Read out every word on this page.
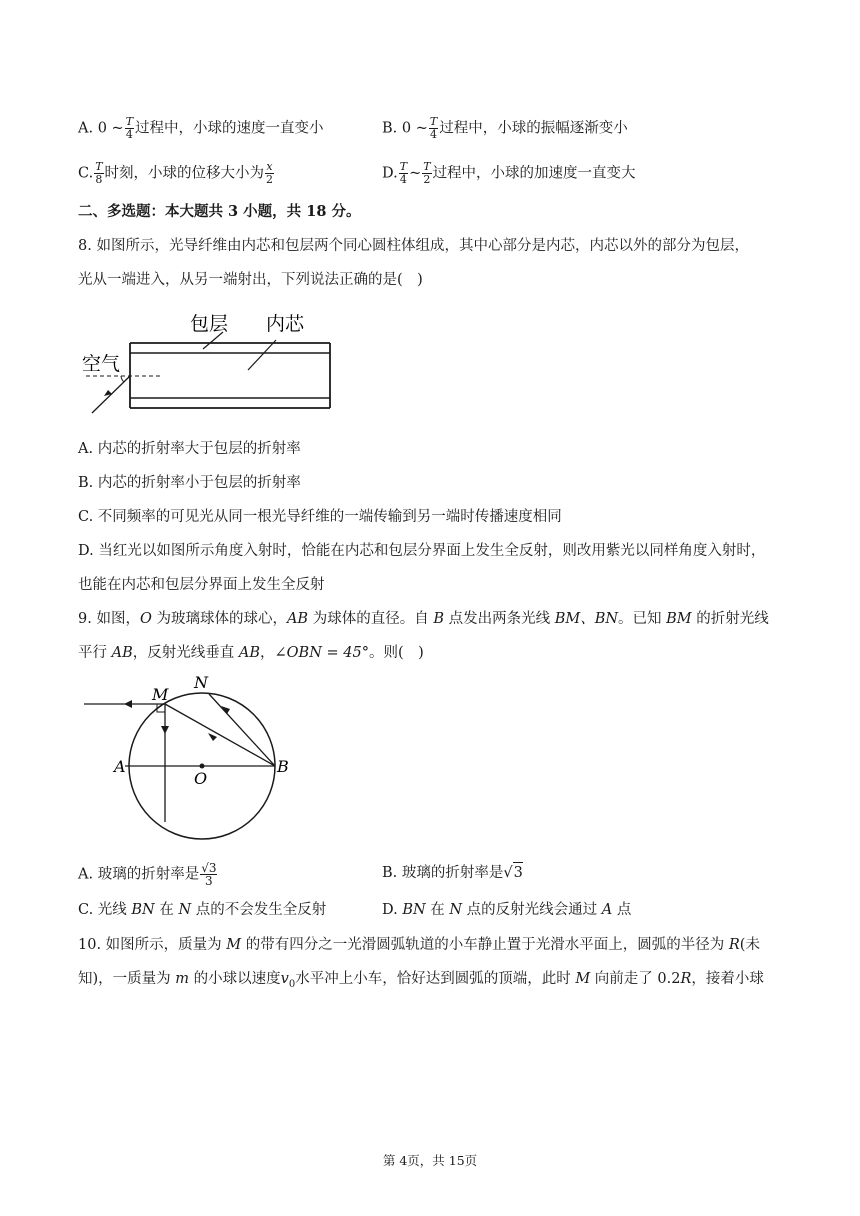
A. 0 ~ $\frac{T}{4}$ 过程中，小球的速度一直变小	B. 0 ~ $\frac{T}{4}$ 过程中，小球的振幅逐渐变小
C. $\frac{T}{8}$ 时刻，小球的位移大小为 $\frac{x}{2}$	D. $\frac{T}{4}$ ~ $\frac{T}{2}$ 过程中，小球的加速度一直变大
二、多选题：本大题共 3 小题，共 18 分。
8. 如图所示，光导纤维由内芯和包层两个同心圆柱体组成，其中心部分是内芯，内芯以外的部分为包层，
光从一端进入，从另一端射出，下列说法正确的是(　)
包层 内芯
空气
A. 内芯的折射率大于包层的折射率
B. 内芯的折射率小于包层的折射率
C. 不同频率的可见光从同一根光导纤维的一端传输到另一端时传播速度相同
D. 当红光以如图所示角度入射时，恰能在内芯和包层分界面上发生全反射，则改用紫光以同样角度入射时，
也能在内芯和包层分界面上发生全反射
9. 如图，O 为玻璃球体的球心，AB 为球体的直径。自 B 点发出两条光线 BM、BN。已知 BM 的折射光线
平行 AB，反射光线垂直 AB，∠OBN = 45°。则(　)
M
N
A
O
B
A. 玻璃的折射率是 $\frac{√3}{3}$	B. 玻璃的折射率是√3
C. 光线 BN 在 N 点的不会发生全反射	D. BN 在 N 点的反射光线会通过 A 点
10. 如图所示，质量为 M 的带有四分之一光滑圆弧轨道的小车静止置于光滑水平面上，圆弧的半径为 R(未
知)，一质量为 m 的小球以速度$v_0$水平冲上小车，恰好达到圆弧的顶端，此时 M 向前走了 0.2R，接着小球
第 4页，共 15页
